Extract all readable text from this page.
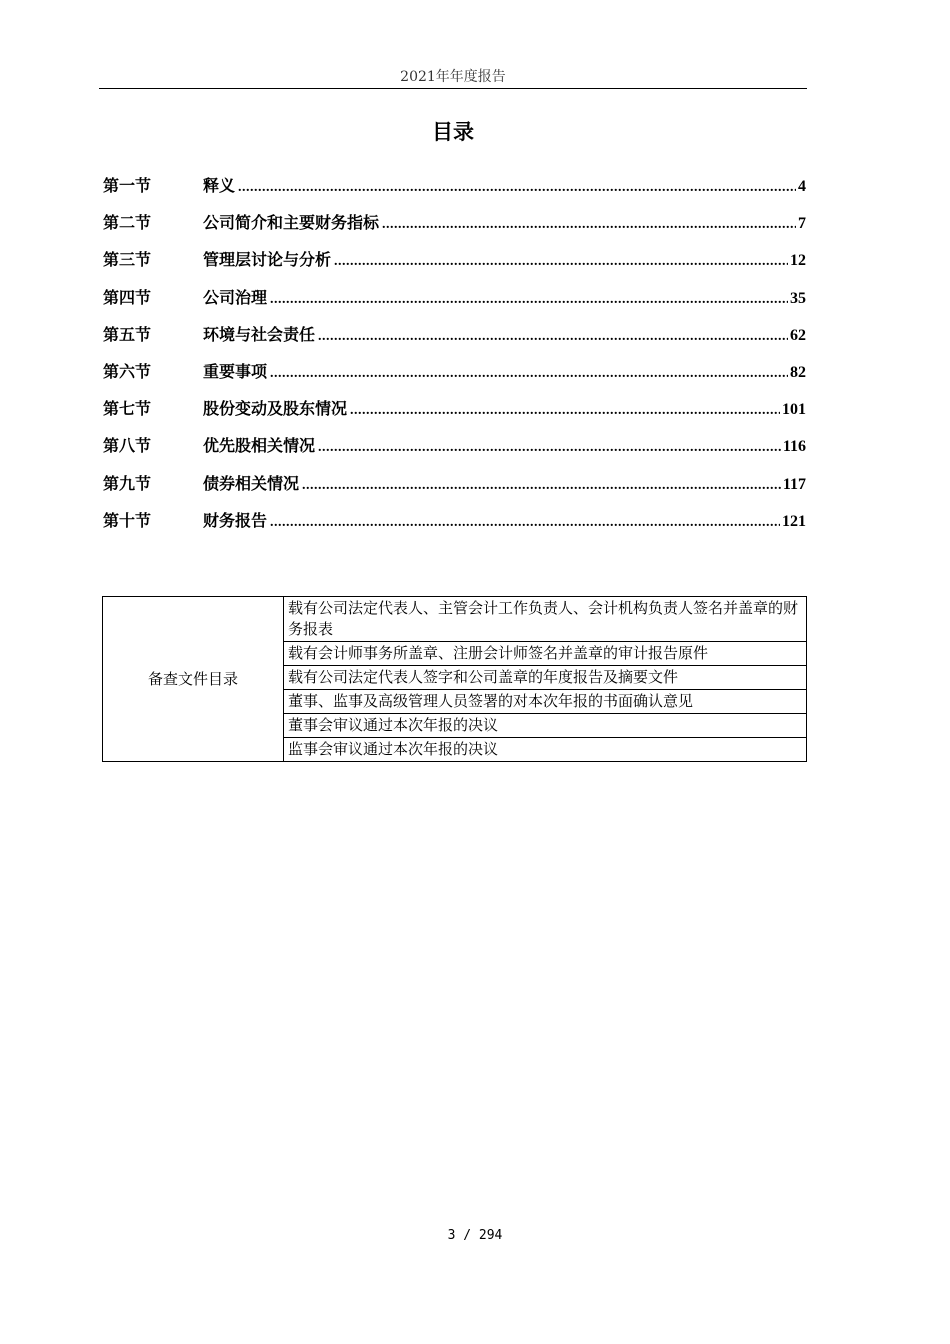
2021年年度报告
目录
第一节	释义 .....	4
第二节	公司简介和主要财务指标 .....	7
第三节	管理层讨论与分析 .....	12
第四节	公司治理 .....	35
第五节	环境与社会责任 .....	62
第六节	重要事项 .....	82
第七节	股份变动及股东情况 .....	101
第八节	优先股相关情况 .....	116
第九节	债券相关情况 .....	117
第十节	财务报告 .....	121
备查文件目录	载有公司法定代表人、主管会计工作负责人、会计机构负责人签名并盖章的财务报表
载有会计师事务所盖章、注册会计师签名并盖章的审计报告原件
载有公司法定代表人签字和公司盖章的年度报告及摘要文件
董事、监事及高级管理人员签署的对本次年报的书面确认意见
董事会审议通过本次年报的决议
监事会审议通过本次年报的决议
3 / 294
